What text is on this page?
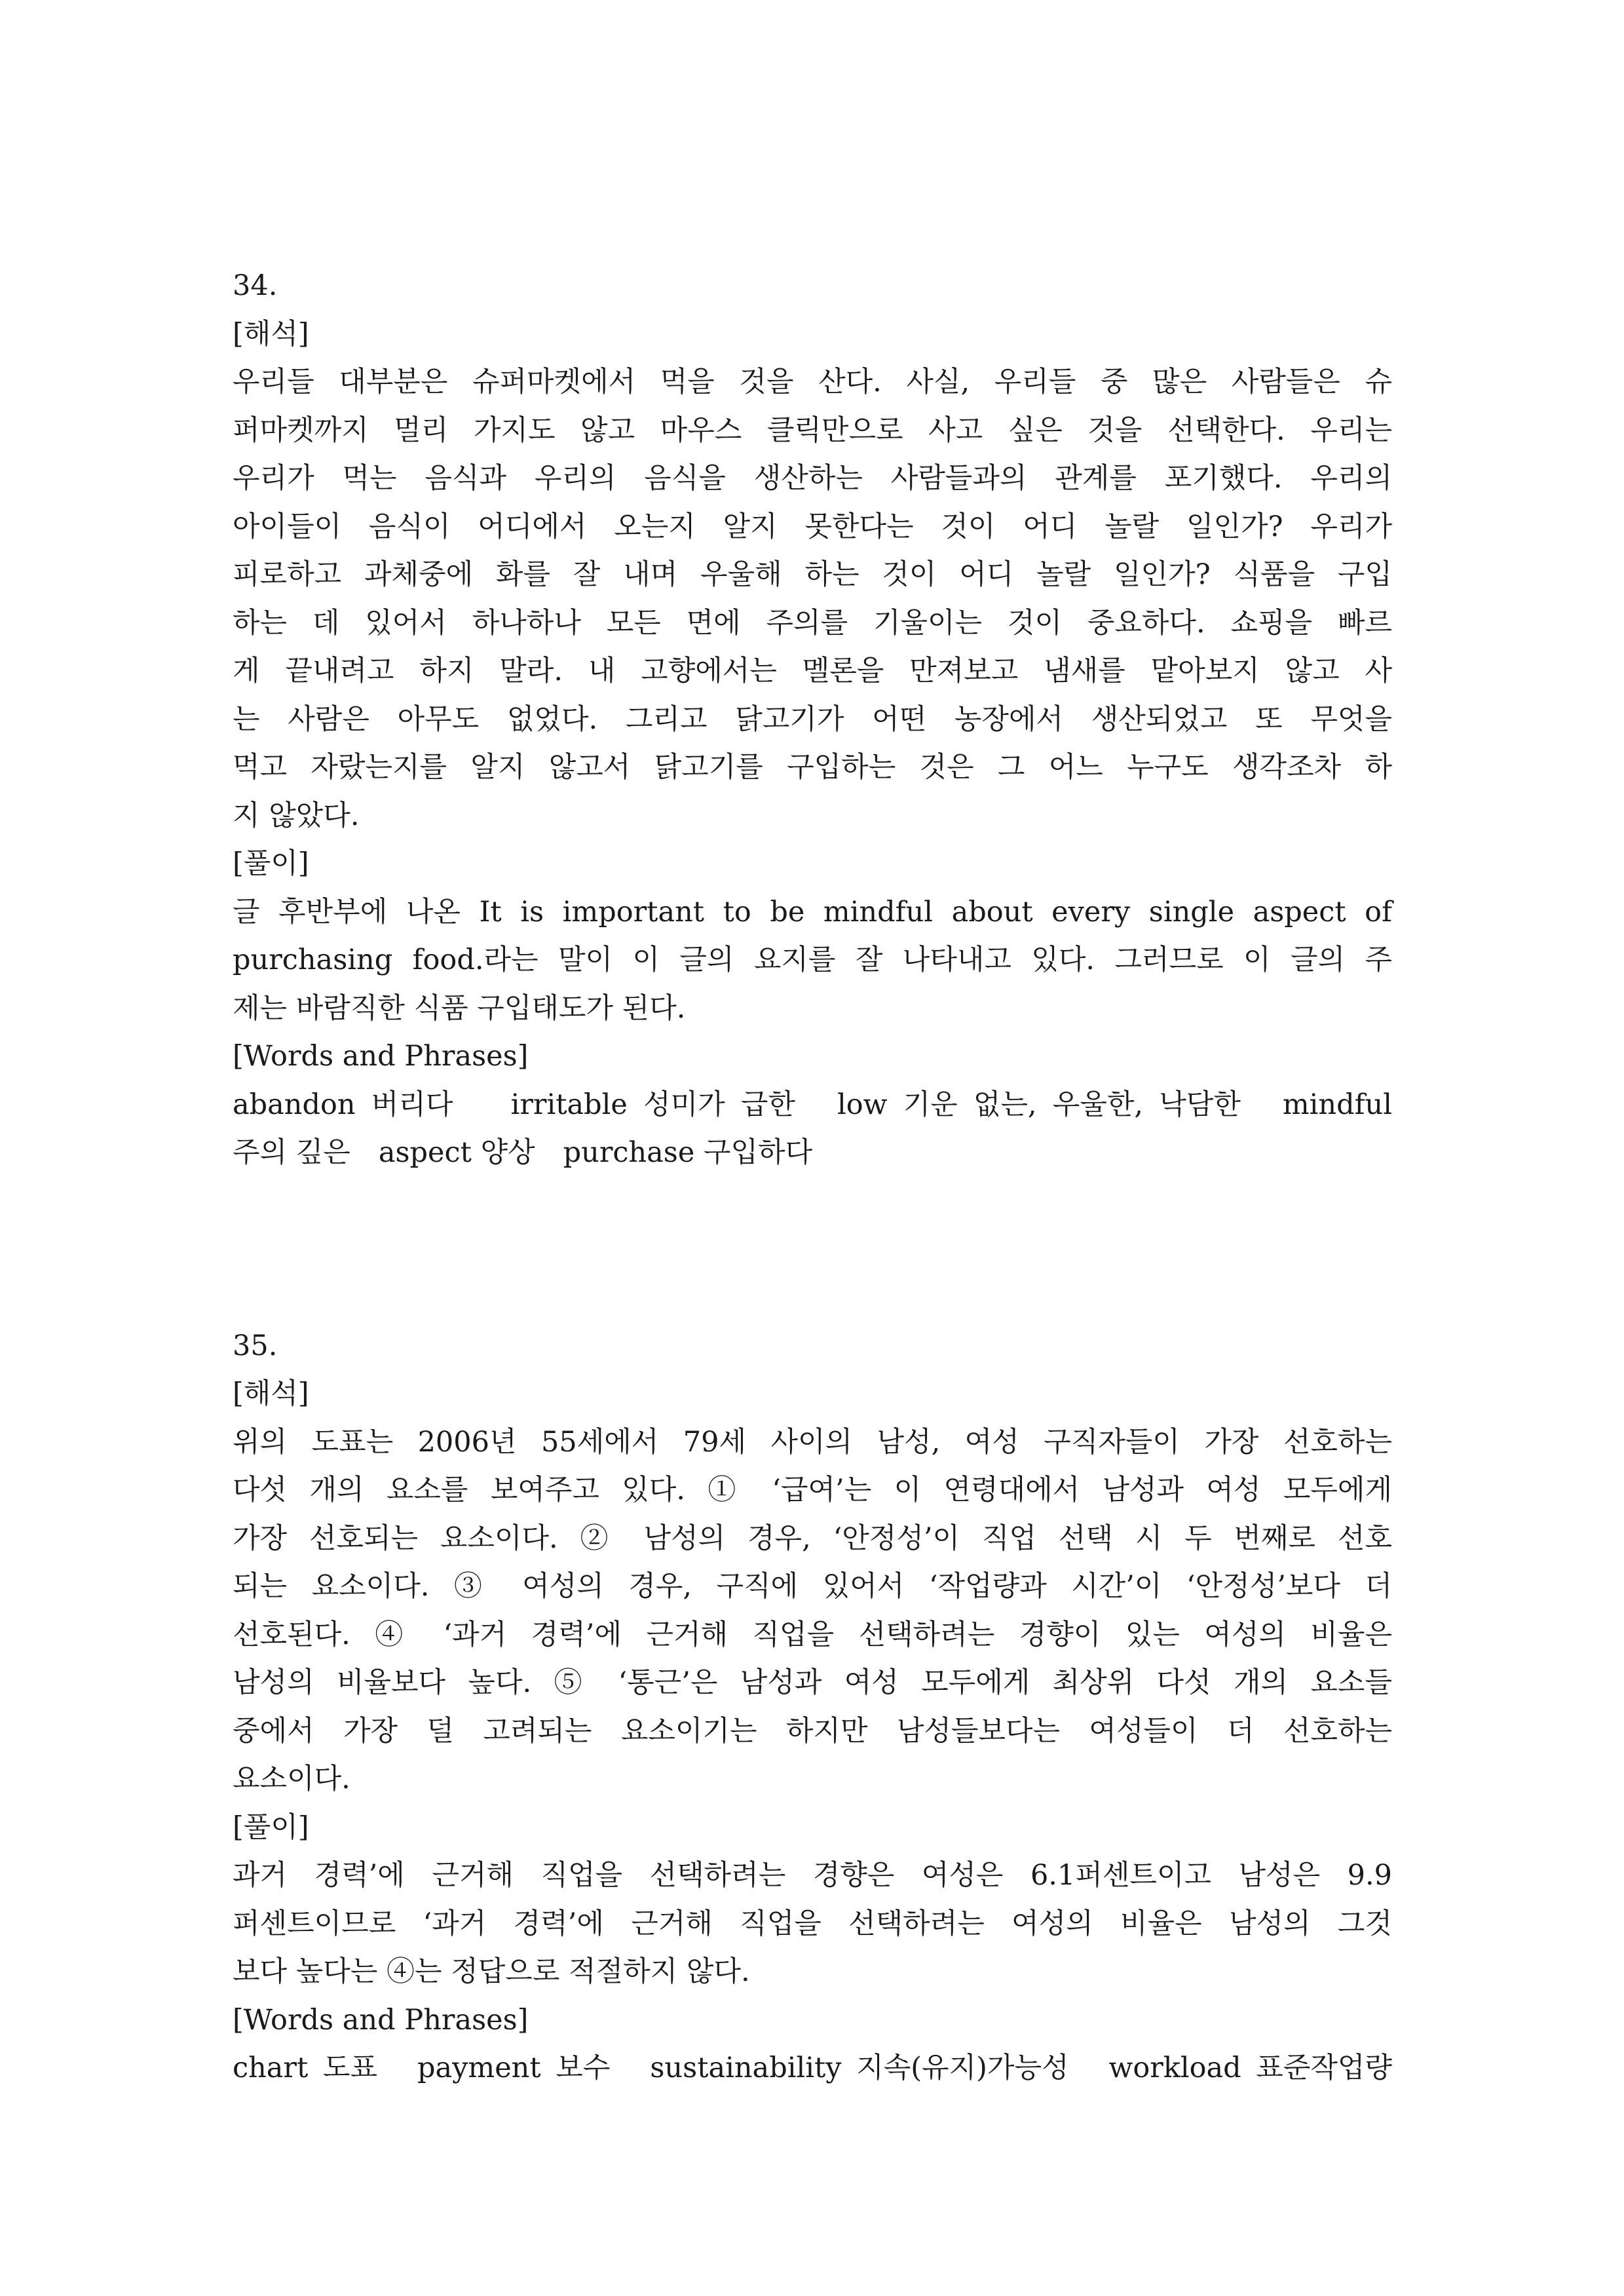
34.
[해석]
우리들 대부분은 슈퍼마켓에서 먹을 것을 산다. 사실, 우리들 중 많은 사람들은 슈
퍼마켓까지 멀리 가지도 않고 마우스 클릭만으로 사고 싶은 것을 선택한다. 우리는
우리가 먹는 음식과 우리의 음식을 생산하는 사람들과의 관계를 포기했다. 우리의
아이들이 음식이 어디에서 오는지 알지 못한다는 것이 어디 놀랄 일인가? 우리가
피로하고 과체중에 화를 잘 내며 우울해 하는 것이 어디 놀랄 일인가? 식품을 구입
하는 데 있어서 하나하나 모든 면에 주의를 기울이는 것이 중요하다. 쇼핑을 빠르
게 끝내려고 하지 말라. 내 고향에서는 멜론을 만져보고 냄새를 맡아보지 않고 사
는 사람은 아무도 없었다. 그리고 닭고기가 어떤 농장에서 생산되었고 또 무엇을
먹고 자랐는지를 알지 않고서 닭고기를 구입하는 것은 그 어느 누구도 생각조차 하
지 않았다.
[풀이]
글 후반부에 나온 It is important to be mindful about every single aspect of
purchasing food.라는 말이 이 글의 요지를 잘 나타내고 있다. 그러므로 이 글의 주
제는 바람직한 식품 구입태도가 된다.
[Words and Phrases]
abandon 버리다　 irritable 성미가 급한　low 기운 없는, 우울한, 낙담한　mindful
주의 깊은　aspect 양상　purchase 구입하다
35.
[해석]
위의 도표는 2006년 55세에서 79세 사이의 남성, 여성 구직자들이 가장 선호하는
다섯 개의 요소를 보여주고 있다. ① ‘급여’는 이 연령대에서 남성과 여성 모두에게
가장 선호되는 요소이다. ② 남성의 경우, ‘안정성’이 직업 선택 시 두 번째로 선호
되는 요소이다. ③ 여성의 경우, 구직에 있어서 ‘작업량과 시간’이 ‘안정성’보다 더
선호된다. ④ ‘과거 경력’에 근거해 직업을 선택하려는 경향이 있는 여성의 비율은
남성의 비율보다 높다. ⑤ ‘통근’은 남성과 여성 모두에게 최상위 다섯 개의 요소들
중에서 가장 덜 고려되는 요소이기는 하지만 남성들보다는 여성들이 더 선호하는
요소이다.
[풀이]
과거 경력’에 근거해 직업을 선택하려는 경향은 여성은 6.1퍼센트이고 남성은 9.9
퍼센트이므로 ‘과거 경력’에 근거해 직업을 선택하려는 여성의 비율은 남성의 그것
보다 높다는 ④는 정답으로 적절하지 않다.
[Words and Phrases]
chart 도표　payment 보수　sustainability 지속(유지)가능성　workload 표준작업량
